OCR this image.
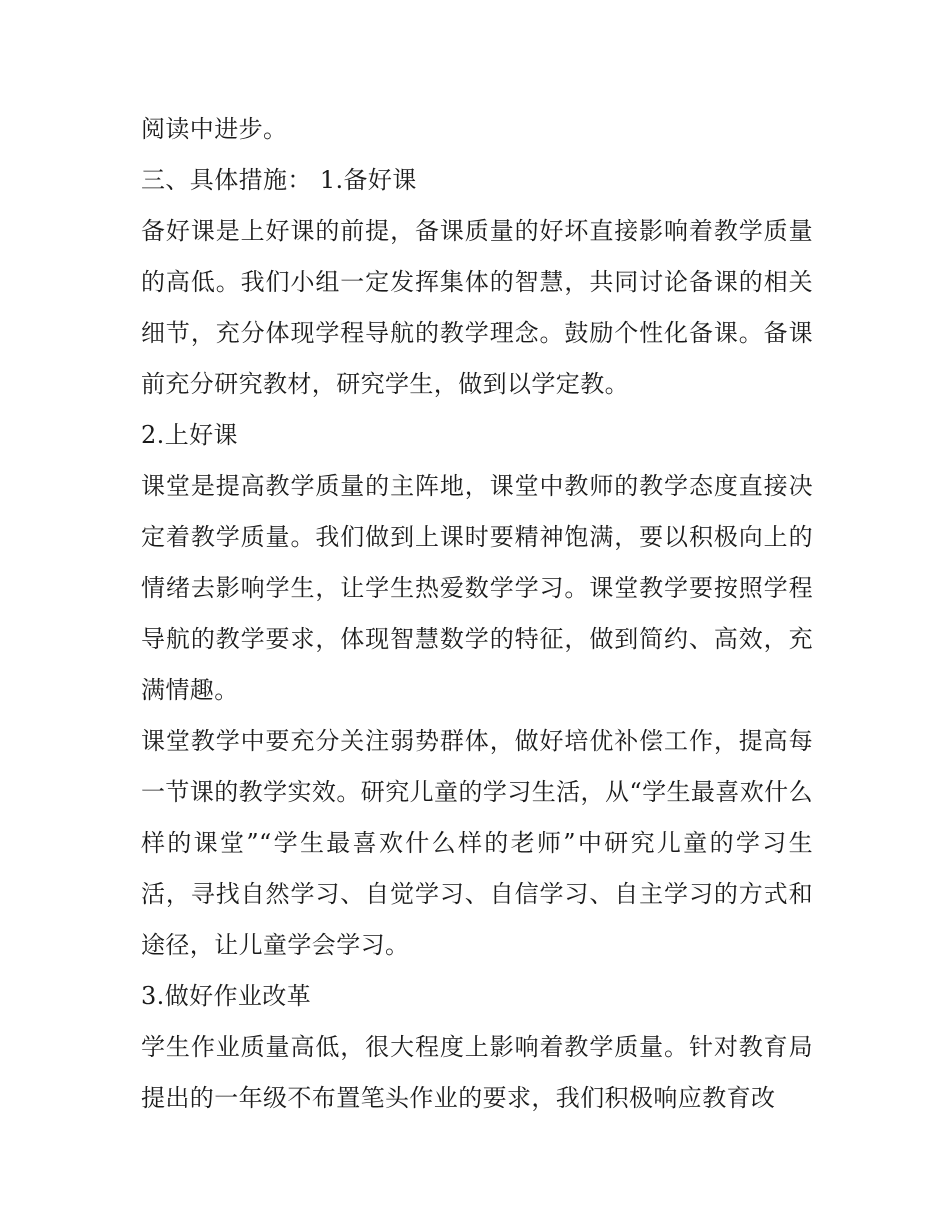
阅读中进步。

三、具体措施： 1.备好课

备好课是上好课的前提，备课质量的好坏直接影响着教学质量的高低。我们小组一定发挥集体的智慧，共同讨论备课的相关细节，充分体现学程导航的教学理念。鼓励个性化备课。备课前充分研究教材，研究学生，做到以学定教。

2.上好课

课堂是提高教学质量的主阵地，课堂中教师的教学态度直接决定着教学质量。我们做到上课时要精神饱满，要以积极向上的情绪去影响学生，让学生热爱数学学习。课堂教学要按照学程导航的教学要求，体现智慧数学的特征，做到简约、高效，充满情趣。

课堂教学中要充分关注弱势群体，做好培优补偿工作，提高每一节课的教学实效。研究儿童的学习生活，从“学生最喜欢什么样的课堂”“学生最喜欢什么样的老师”中研究儿童的学习生活，寻找自然学习、自觉学习、自信学习、自主学习的方式和途径，让儿童学会学习。

3.做好作业改革

学生作业质量高低，很大程度上影响着教学质量。针对教育局提出的一年级不布置笔头作业的要求，我们积极响应教育改
